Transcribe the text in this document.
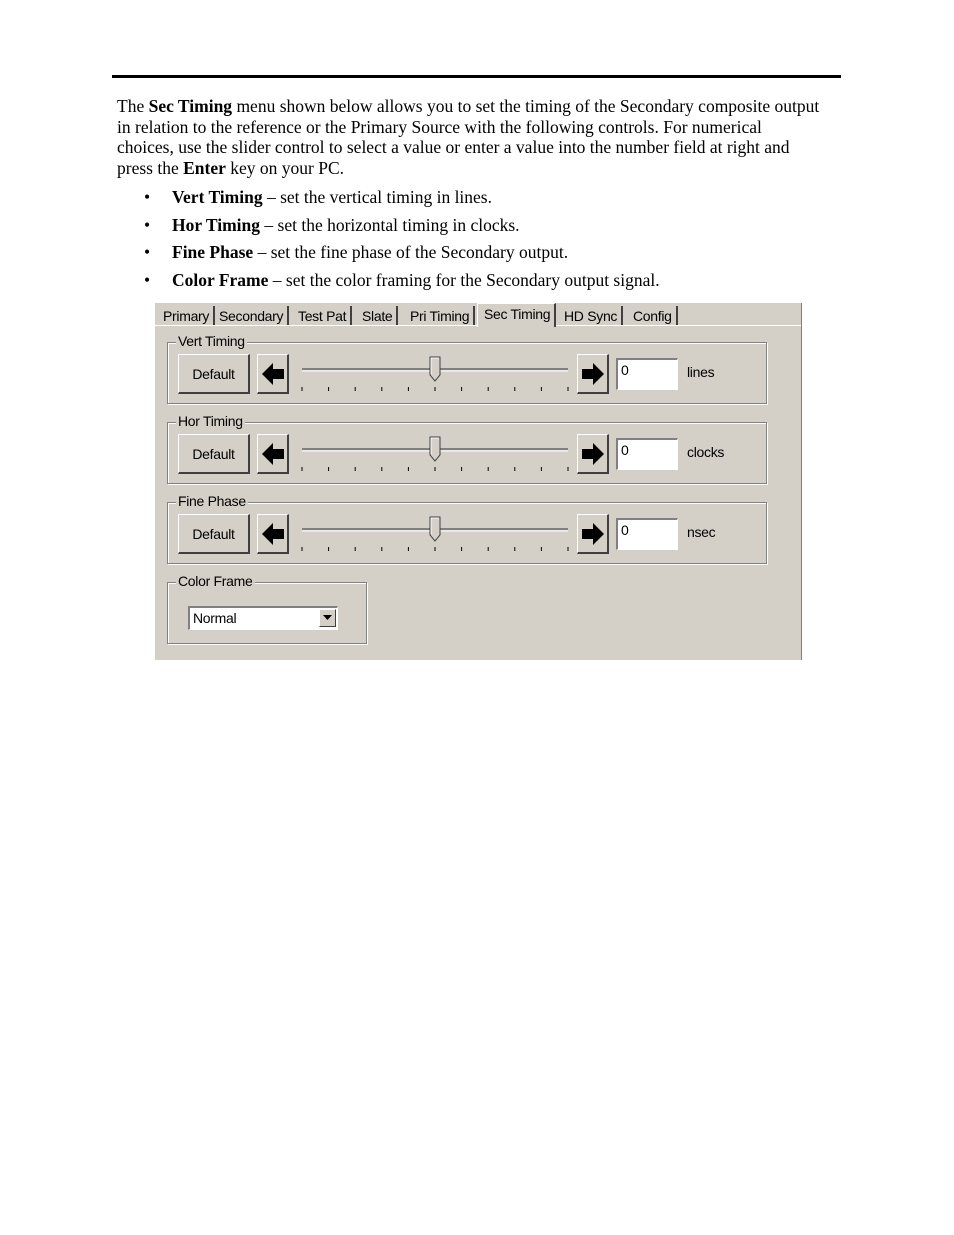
The Sec Timing menu shown below allows you to set the timing of the Secondary composite output in relation to the reference or the Primary Source with the following controls. For numerical choices, use the slider control to select a value or enter a value into the number field at right and press the Enter key on your PC.

• Vert Timing – set the vertical timing in lines.
• Hor Timing – set the horizontal timing in clocks.
• Fine Phase – set the fine phase of the Secondary output.
• Color Frame – set the color framing for the Secondary output signal.
Primary Secondary	Test Pat	Slate	Pri Timing	Sec Timing HD Sync	Config
Vert Timing
Default	0	lines
Hor Timing
Default	0	clocks
Fine Phase
Default	0	nsec
Color Frame
Normal
